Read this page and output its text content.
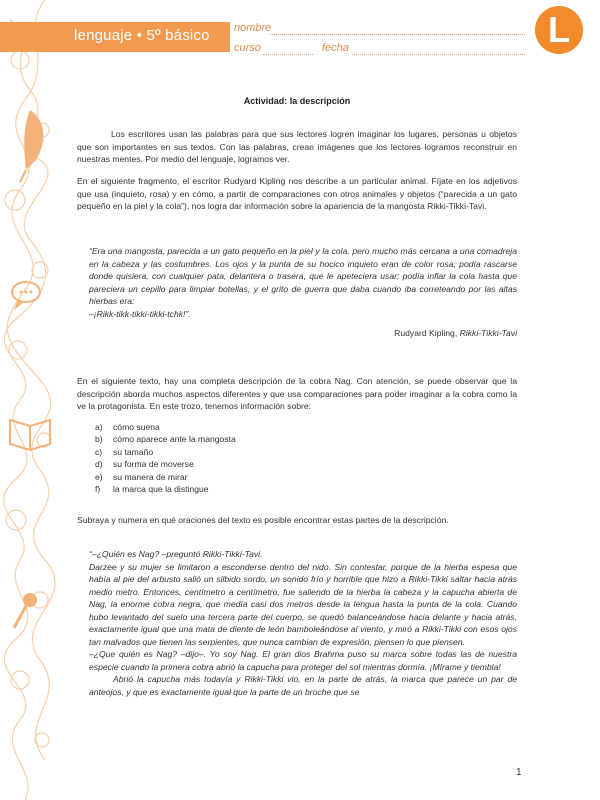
lenguaje • 5º básico nombre
curso	fecha	L
Actividad: la descripción
Los escritores usan las palabras para que sus lectores logren imaginar los lugares, personas u objetos que son importantes en sus textos. Con las palabras, crean imágenes que los lectores logramos reconstruir en nuestras mentes. Por medio del lenguaje, logramos ver.
En el siguiente fragmento, el escritor Rudyard Kipling nos describe a un particular animal. Fíjate en los adjetivos que usa (inquieto, rosa) y en cómo, a partir de comparaciones con otros animales y objetos (“parecida a un gato pequeño en la piel y la cola”), nos logra dar información sobre la apariencia de la mangosta Rikki-Tikki-Tavi.
“Era una mangosta, parecida a un gato pequeño en la piel y la cola, pero mucho más cercana a una comadreja en la cabeza y las costumbres. Los ojos y la punta de su hocico inquieto eran de color rosa; podía rascarse donde quisiera, con cualquier pata, delantera o trasera, que le apeteciera usar; podía inflar la cola hasta que pareciera un cepillo para limpiar botellas, y el grito de guerra que daba cuando iba correteando por las altas hierbas era:
–¡Rikk-tikk-tikki-tikki-tchk!”.
Rudyard Kipling, Rikki-Tikki-Tavi
En el siguiente texto, hay una completa descripción de la cobra Nag. Con atención, se puede observar que la descripción aborda muchos aspectos diferentes y que usa comparaciones para poder imaginar a la cobra como la ve la protagonista. En este trozo, tenemos información sobre:
a) cómo suena
b) cómo aparece ante la mangosta
c) su tamaño
d) su forma de moverse
e) su manera de mirar
f) la marca que la distingue
Subraya y numera en qué oraciones del texto es posible encontrar estas partes de la descripción.
“–¿Quién es Nag? –preguntó Rikki-Tikki-Tavi.
Darzee y su mujer se limitaron a esconderse dentro del nido. Sin contestar, porque de la hierba espesa que había al pie del arbusto salió un silbido sordo, un sonido frío y horrible que hizo a Rikki-Tikki saltar hacia atrás medio metro. Entonces, centímetro a centímetro, fue saliendo de la hierba la cabeza y la capucha abierta de Nag, la enorme cobra negra, que medía casi dos metros desde la lengua hasta la punta de la cola. Cuando hubo levantado del suelo una tercera parte del cuerpo, se quedó balanceándose hacia delante y hacia atrás, exactamente igual que una mata de diente de león bamboleándose al viento, y miró a Rikki-Tikki con esos ojos tan malvados que tienen las serpientes, que nunca cambian de expresión, piensen lo que piensen.
–¿Que quién es Nag? –dijo–. Yo soy Nag. El gran dios Brahma puso su marca sobre todas las de nuestra especie cuando la primera cobra abrió la capucha para proteger del sol mientras dormía. ¡Mírame y tiembla!
Abrió la capucha más todavía y Rikki-Tikki vio, en la parte de atrás, la marca que parece un par de anteojos, y que es exactamente igual que la parte de un broche que se
1
